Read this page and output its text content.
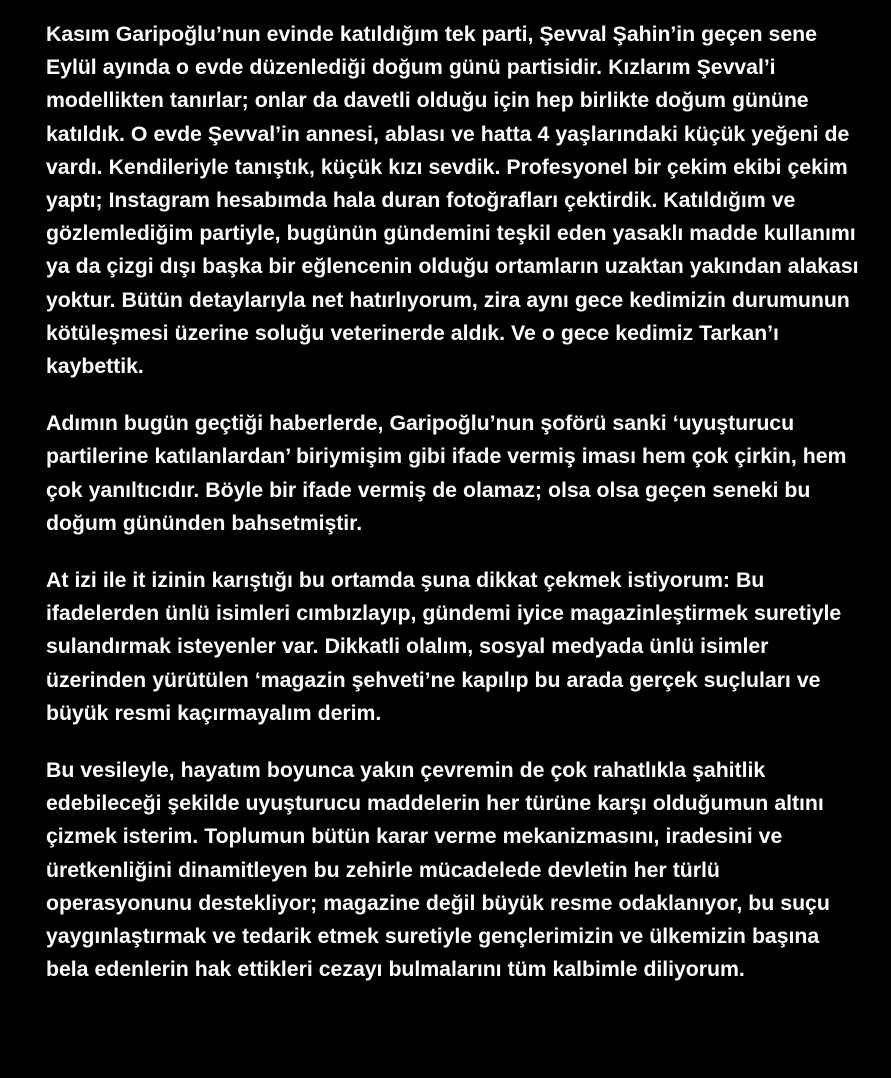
Kasım Garipoğlu’nun evinde katıldığım tek parti, Şevval Şahin’in geçen sene Eylül ayında o evde düzenlediği doğum günü partisidir. Kızlarım Şevval’i modellikten tanırlar; onlar da davetli olduğu için hep birlikte doğum gününe katıldık. O evde Şevval’in annesi, ablası ve hatta 4 yaşlarındaki küçük yeğeni de vardı. Kendileriyle tanıştık, küçük kızı sevdik. Profesyonel bir çekim ekibi çekim yaptı; Instagram hesabımda hala duran fotoğrafları çektirdik. Katıldığım ve gözlemlediğim partiyle, bugünün gündemini teşkil eden yasaklı madde kullanımı ya da çizgi dışı başka bir eğlencenin olduğu ortamların uzaktan yakından alakası yoktur. Bütün detaylarıyla net hatırlıyorum, zira aynı gece kedimizin durumunun kötüleşmesi üzerine soluğu veterinerde aldık. Ve o gece kedimiz Tarkan’ı kaybettik.

Adımın bugün geçtiği haberlerde, Garipoğlu’nun şoförü sanki ‘uyuşturucu partilerine katılanlardan’ biriymişim gibi ifade vermiş iması hem çok çirkin, hem çok yanıltıcıdır. Böyle bir ifade vermiş de olamaz; olsa olsa geçen seneki bu doğum gününden bahsetmiştir.

At izi ile it izinin karıştığı bu ortamda şuna dikkat çekmek istiyorum: Bu ifadelerden ünlü isimleri cımbızlayıp, gündemi iyice magazinleştirmek suretiyle sulandırmak isteyenler var. Dikkatli olalım, sosyal medyada ünlü isimler üzerinden yürütülen ‘magazin şehveti’ne kapılıp bu arada gerçek suçluları ve büyük resmi kaçırmayalım derim.

Bu vesileyle, hayatım boyunca yakın çevremin de çok rahatlıkla şahitlik edebileceği şekilde uyuşturucu maddelerin her türüne karşı olduğumun altını çizmek isterim. Toplumun bütün karar verme mekanizmasını, iradesini ve üretkenliğini dinamitleyen bu zehirle mücadelede devletin her türlü operasyonunu destekliyor; magazine değil büyük resme odaklanıyor, bu suçu yaygınlaştırmak ve tedarik etmek suretiyle gençlerimizin ve ülkemizin başına bela edenlerin hak ettikleri cezayı bulmalarını tüm kalbimle diliyorum.
